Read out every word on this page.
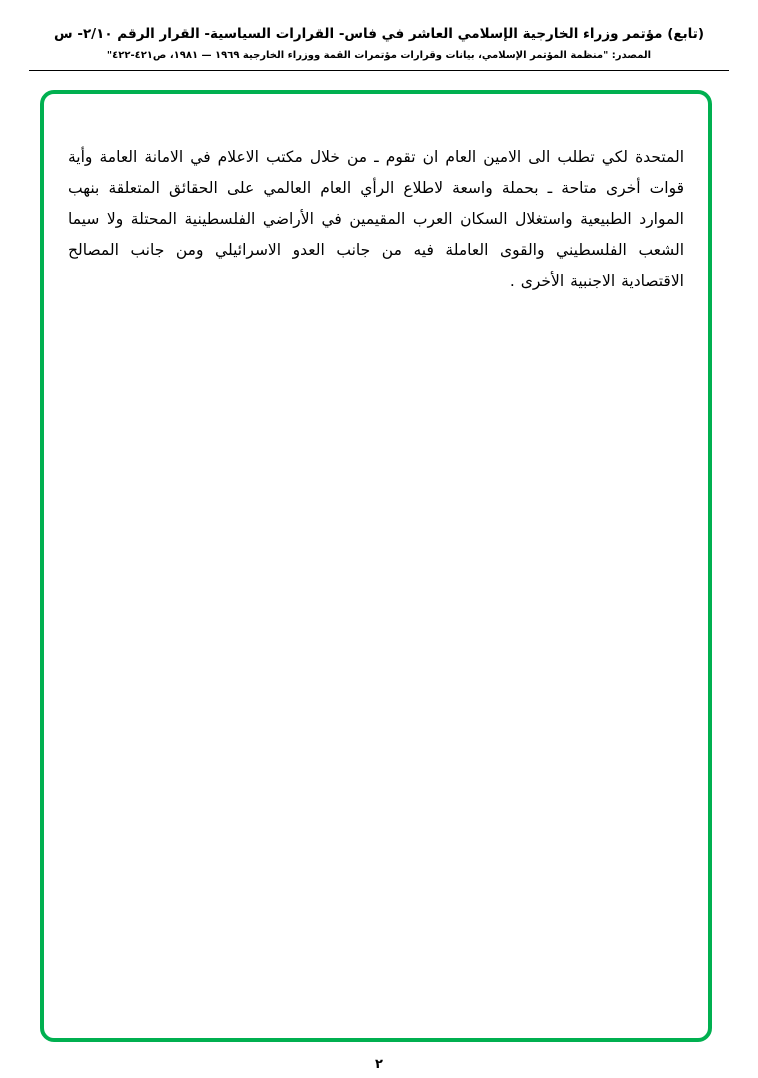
(تابع) مؤتمر وزراء الخارجية الإسلامي العاشر في فاس- القرارات السياسية- القرار الرقم ٢/١٠- س
المصدر: "منظمة المؤتمر الإسلامي، بيانات وقرارات مؤتمرات القمة ووزراء الخارجية ١٩٦٩ — ١٩٨١، ص٤٢١-٤٢٢"

المتحدة لكي تطلب الى الامين العام ان تقوم ـ من خلال مكتب الاعلام في الامانة العامة وأية قوات أخرى متاحة ـ بحملة واسعة لاطلاع الرأي العام العالمي على الحقائق المتعلقة بنهب الموارد الطبيعية واستغلال السكان العرب المقيمين في الأراضي الفلسطينية المحتلة ولا سيما الشعب الفلسطيني والقوى العاملة فيه من جانب العدو الاسرائيلي ومن جانب المصالح الاقتصادية الاجنبية الأخرى .

٢
